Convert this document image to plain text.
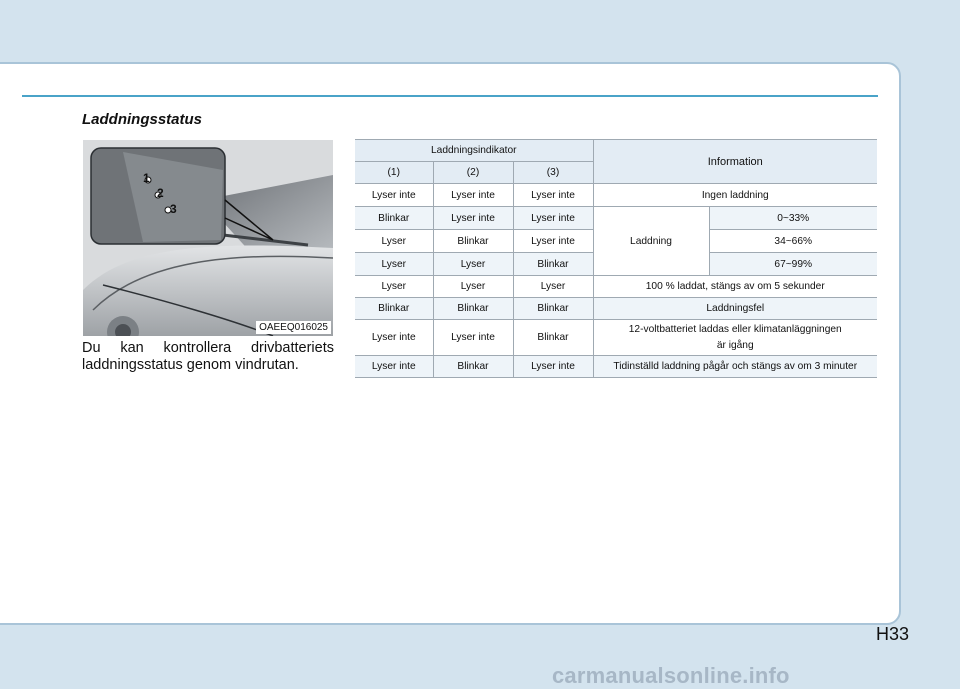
Laddningsstatus
1
2
3
OAEEQ016025
Du kan kontrollera drivbatteriets
laddningsstatus genom vindrutan.
Laddningsindikator			Information	
(1)	(2)	(3)		
Lyser inte	Lyser inte	Lyser inte	Ingen laddning	
Blinkar	Lyser inte	Lyser inte	Laddning	0~33%
Lyser	Blinkar	Lyser inte		34~66%
Lyser	Lyser	Blinkar		67~99%
Lyser	Lyser	Lyser	100 % laddat, stängs av om 5 sekunder	
Blinkar	Blinkar	Blinkar	Laddningsfel	
Lyser inte	Lyser inte	Blinkar	12-voltbatteriet laddas eller klimatanläggningen
är igång	

Lyser inte	Blinkar	Lyser inte	Tidinställd laddning pågår och stängs av om 3 minuter	
H33
carmanualsonline.info
